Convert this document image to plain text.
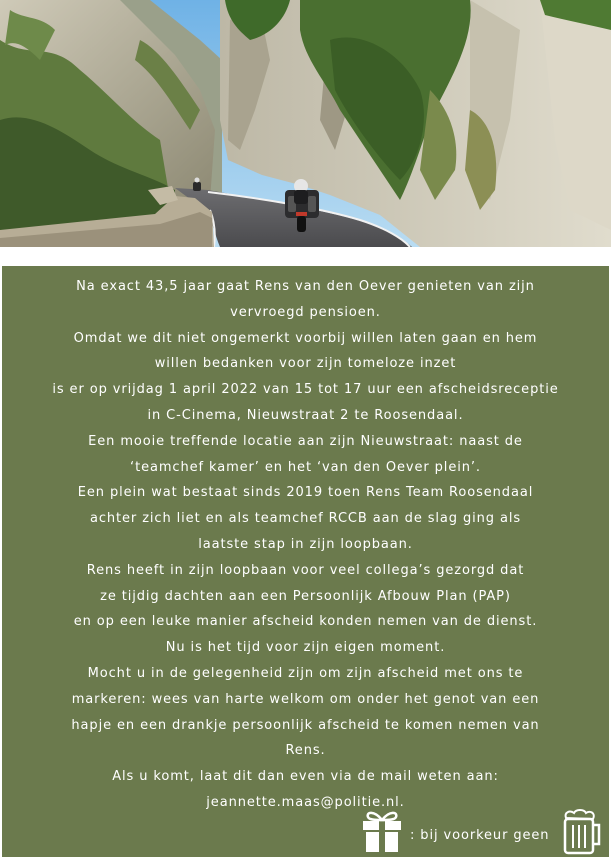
Na exact 43,5 jaar gaat Rens van den Oever genieten van zijn
vervroegd pensioen.
Omdat we dit niet ongemerkt voorbij willen laten gaan en hem
willen bedanken voor zijn tomeloze inzet
is er op vrijdag 1 april 2022 van 15 tot 17 uur een afscheidsreceptie
in C-Cinema, Nieuwstraat 2 te Roosendaal.
Een mooie treffende locatie aan zijn Nieuwstraat: naast de
‘teamchef kamer’ en het ‘van den Oever plein’.
Een plein wat bestaat sinds 2019 toen Rens Team Roosendaal
achter zich liet en als teamchef RCCB aan de slag ging als
laatste stap in zijn loopbaan.
Rens heeft in zijn loopbaan voor veel collega’s gezorgd dat
ze tijdig dachten aan een Persoonlijk Afbouw Plan (PAP)
en op een leuke manier afscheid konden nemen van de dienst.
Nu is het tijd voor zijn eigen moment.
Mocht u in de gelegenheid zijn om zijn afscheid met ons te
markeren: wees van harte welkom om onder het genot van een
hapje en een drankje persoonlijk afscheid te komen nemen van
Rens.
Als u komt, laat dit dan even via de mail weten aan:
jeannette.maas@politie.nl.
: bij voorkeur geen
